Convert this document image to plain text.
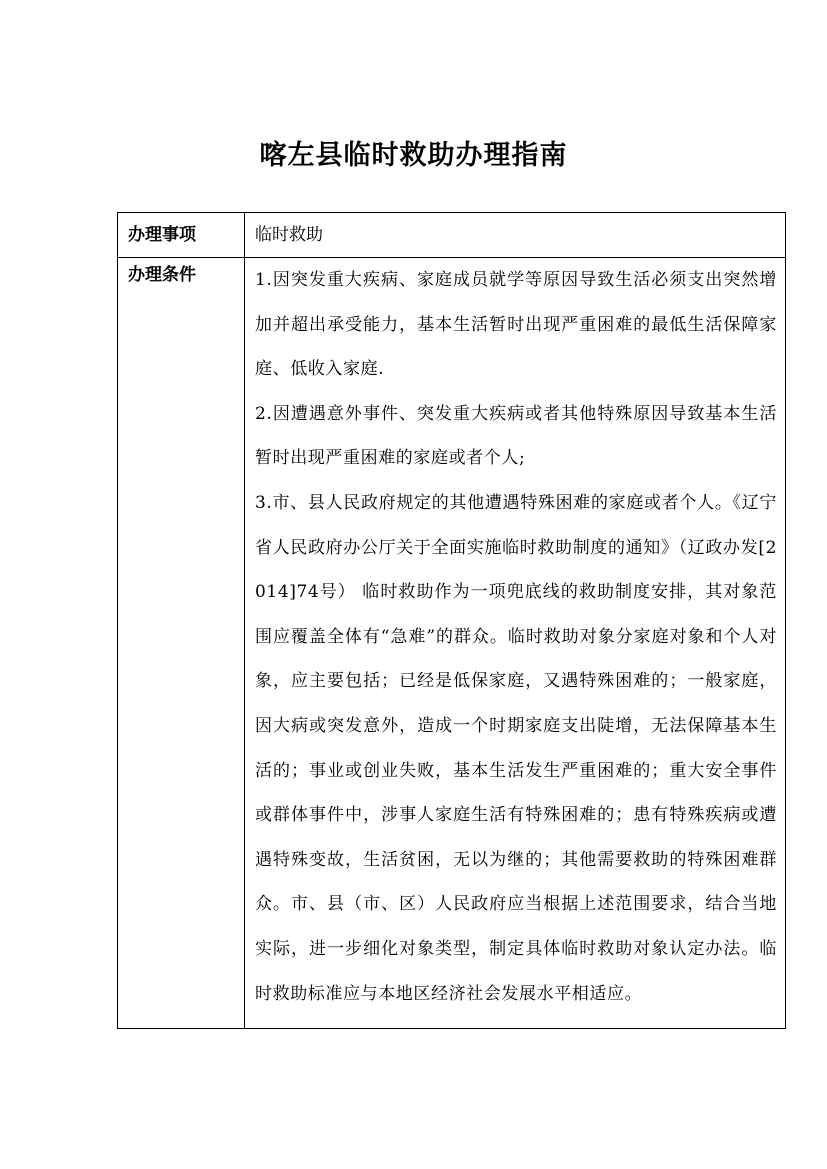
喀左县临时救助办理指南
办理事项	临时救助
办理条件	1.因突发重大疾病、家庭成员就学等原因导致生活必须支出突然增加并超出承受能力，基本生活暂时出现严重困难的最低生活保障家庭、低收入家庭.

2.因遭遇意外事件、突发重大疾病或者其他特殊原因导致基本生活暂时出现严重困难的家庭或者个人;

3.市、县人民政府规定的其他遭遇特殊困难的家庭或者个人。《辽宁省人民政府办公厅关于全面实施临时救助制度的通知》（辽政办发[2014]74号） 临时救助作为一项兜底线的救助制度安排，其对象范围应覆盖全体有“急难”的群众。临时救助对象分家庭对象和个人对象，应主要包括；已经是低保家庭，又遇特殊困难的；一般家庭，因大病或突发意外，造成一个时期家庭支出陡增，无法保障基本生活的；事业或创业失败，基本生活发生严重困难的；重大安全事件或群体事件中，涉事人家庭生活有特殊困难的；患有特殊疾病或遭遇特殊变故，生活贫困，无以为继的；其他需要救助的特殊困难群众。市、县（市、区）人民政府应当根据上述范围要求，结合当地实际，进一步细化对象类型，制定具体临时救助对象认定办法。临时救助标准应与本地区经济社会发展水平相适应。
